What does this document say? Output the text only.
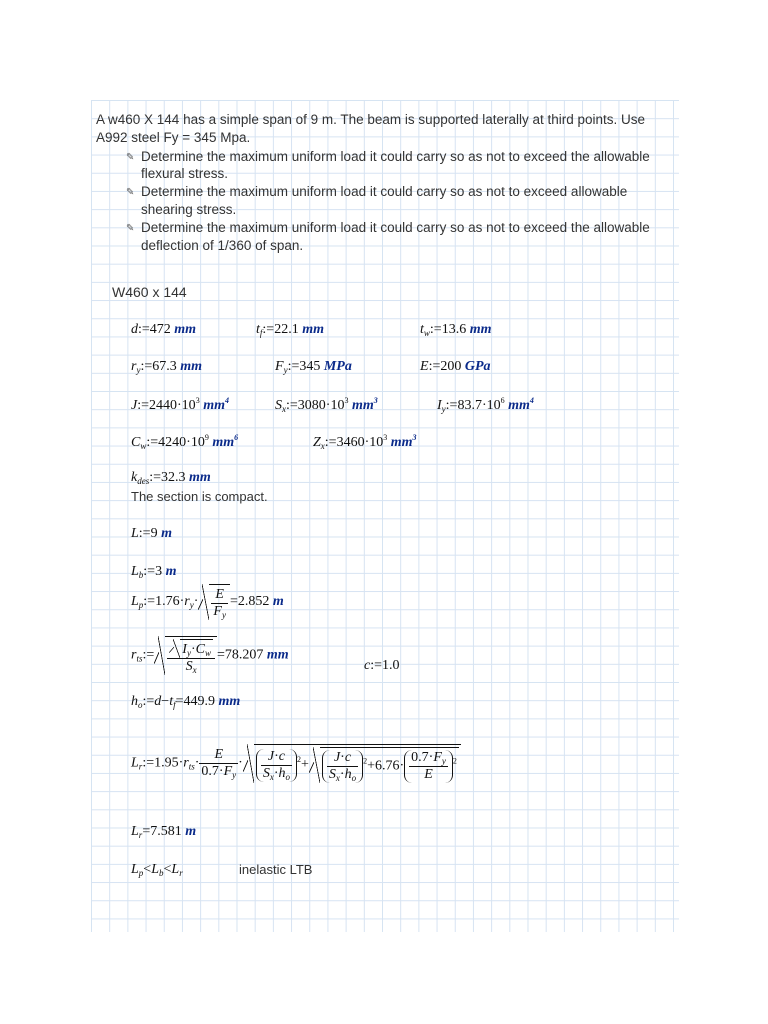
A w460 X 144 has a simple span of 9 m. The beam is supported laterally at third points. Use
A992 steel Fy = 345 Mpa.
✎ Determine the maximum uniform load it could carry so as not to exceed the allowable
flexural stress.
✎ Determine the maximum uniform load it could carry so as not to exceed allowable
shearing stress.
✎ Determine the maximum uniform load it could carry so as not to exceed the allowable
deflection of 1/360 of span.
W460 x 144
d:=472 mm	$t_f:=22.1$ mm	$t_w:=13.6$ mm
$r_y:=67.3$ mm	$F_y:=345$ MPa	E:=200 GPa
$J:=2440\cdot 10^3$ $mm^4$	$S_x:=3080\cdot 10^3$ $mm^3$	$I_y:=83.7\cdot 10^6$ $mm^4$
$C_w:=4240\cdot 10^9$ $mm^6$	$Z_x:=3460\cdot 10^3$ $mm^3$
$k_{des}:=32.3$ mm
The section is compact.
L:=9 m
$L_b:=3$ m
$L_p:=1.76\cdot r_y\cdot \frac{E}{F_y} =2.852$ m
$r_{ts}:= \frac{I_y\cdot C_w}{S_x} =78.207$ mm
c:=1.0
$h_o:=d-t_f=449.9$ mm
$L_r:=1.95\cdot r_{ts}\cdot \frac{E}{0.7\cdot F_y} \cdot \frac{J\cdot c}{S_x\cdot h_o} ^2+ \frac{J\cdot c}{S_x\cdot h_o} ^2+6.76\cdot \frac{0.7\cdot F_y}{E} ^2$
$L_r=7.581$ m
$L_p<L_b<L_r$	inelastic LTB
